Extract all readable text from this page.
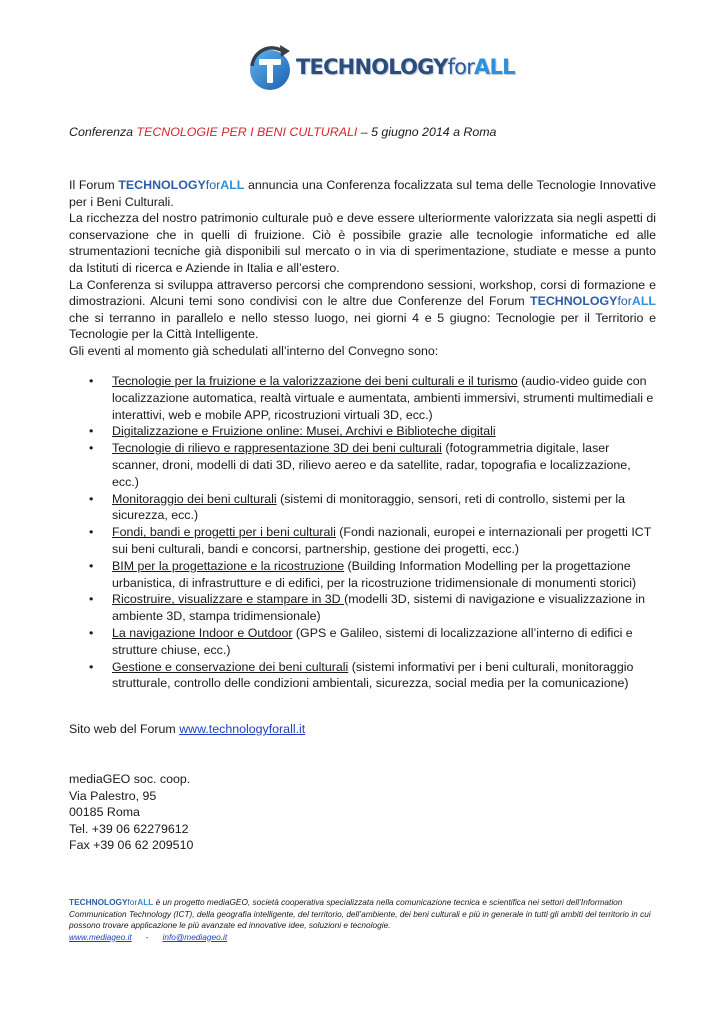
TECHNOLOGYforALL
Conferenza TECNOLOGIE PER I BENI CULTURALI – 5 giugno 2014 a Roma

Il Forum TECHNOLOGYforALL annuncia una Conferenza focalizzata sul tema delle Tecnologie Innovative per i Beni Culturali.

La ricchezza del nostro patrimonio culturale può e deve essere ulteriormente valorizzata sia negli aspetti di conservazione che in quelli di fruizione. Ciò è possibile grazie alle tecnologie informatiche ed alle strumentazioni tecniche già disponibili sul mercato o in via di sperimentazione, studiate e messe a punto da Istituti di ricerca e Aziende in Italia e all’estero.

La Conferenza si sviluppa attraverso percorsi che comprendono sessioni, workshop, corsi di formazione e dimostrazioni. Alcuni temi sono condivisi con le altre due Conferenze del Forum TECHNOLOGYforALL che si terranno in parallelo e nello stesso luogo, nei giorni 4 e 5 giugno: Tecnologie per il Territorio e Tecnologie per la Città Intelligente.

Gli eventi al momento già schedulati all’interno del Convegno sono:

• Tecnologie per la fruizione e la valorizzazione dei beni culturali e il turismo (audio-video guide con localizzazione automatica, realtà virtuale e aumentata, ambienti immersivi, strumenti multimediali e interattivi, web e mobile APP, ricostruzioni virtuali 3D, ecc.)
• Digitalizzazione e Fruizione online: Musei, Archivi e Biblioteche digitali
• Tecnologie di rilievo e rappresentazione 3D dei beni culturali (fotogrammetria digitale, laser scanner, droni, modelli di dati 3D, rilievo aereo e da satellite, radar, topografia e localizzazione, ecc.)
• Monitoraggio dei beni culturali (sistemi di monitoraggio, sensori, reti di controllo, sistemi per la sicurezza, ecc.)
• Fondi, bandi e progetti per i beni culturali (Fondi nazionali, europei e internazionali per progetti ICT sui beni culturali, bandi e concorsi, partnership, gestione dei progetti, ecc.)
• BIM per la progettazione e la ricostruzione (Building Information Modelling per la progettazione urbanistica, di infrastrutture e di edifici, per la ricostruzione tridimensionale di monumenti storici)
• Ricostruire, visualizzare e stampare in 3D (modelli 3D, sistemi di navigazione e visualizzazione in ambiente 3D, stampa tridimensionale)
• La navigazione Indoor e Outdoor (GPS e Galileo, sistemi di localizzazione all’interno di edifici e strutture chiuse, ecc.)
• Gestione e conservazione dei beni culturali (sistemi informativi per i beni culturali, monitoraggio strutturale, controllo delle condizioni ambientali, sicurezza, social media per la comunicazione)
Sito web del Forum www.technologyforall.it
mediaGEO soc. coop.
Via Palestro, 95
00185 Roma
Tel. +39 06 62279612
Fax +39 06 62 209510
TECHNOLOGYforALL è un progetto mediaGEO, società cooperativa specializzata nella comunicazione tecnica e scientifica nei settori dell’Information Communication Technology (ICT), della geografia intelligente, del territorio, dell’ambiente, dei beni culturali e più in generale in tutti gli ambiti del territorio in cui possono trovare applicazione le più avanzate ed innovative idee, soluzioni e tecnologie.
www.mediageo.it - info@mediageo.it
